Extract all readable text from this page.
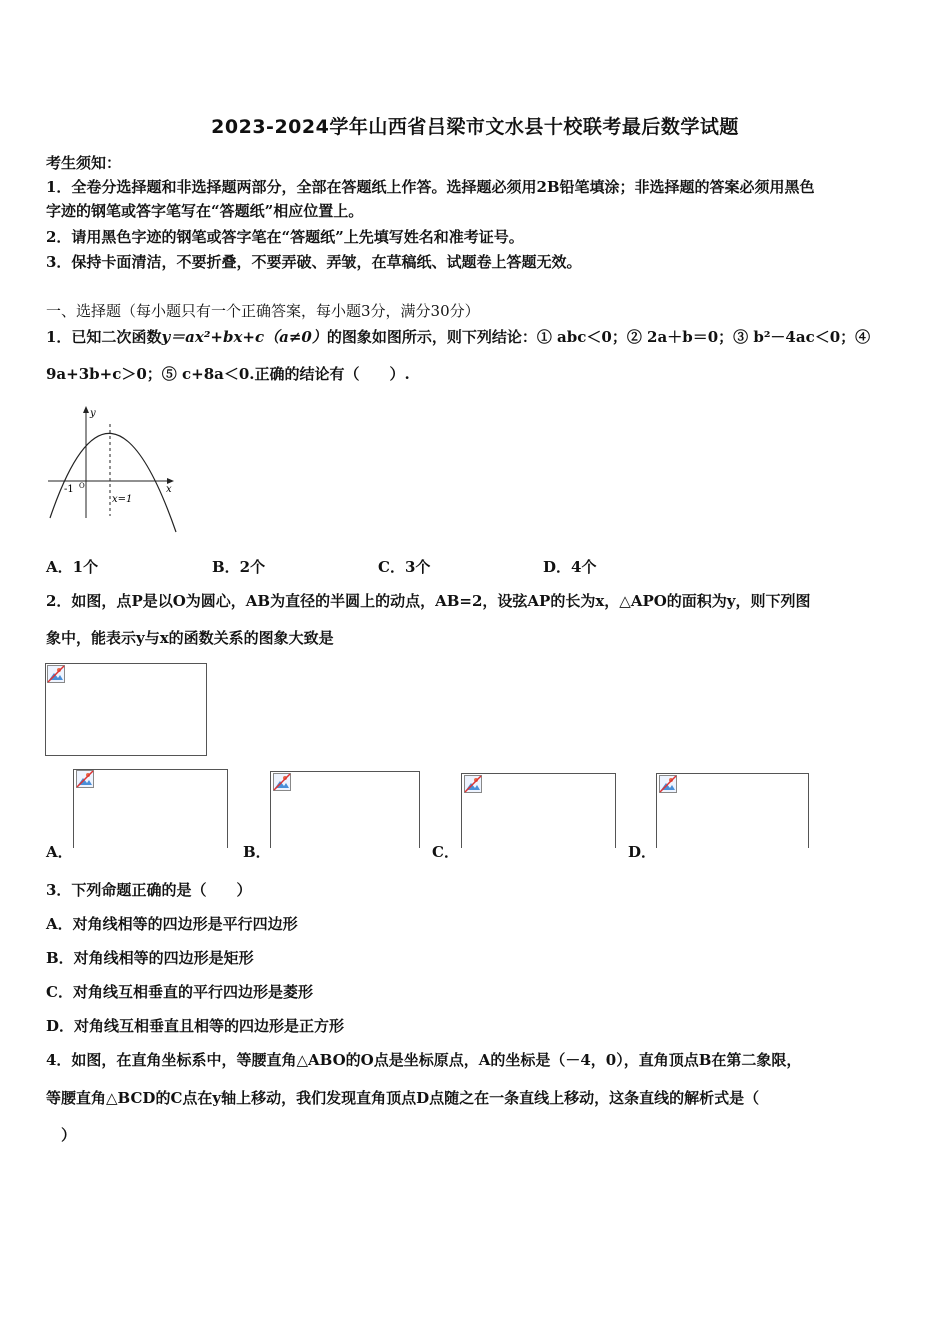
2023-2024学年山西省吕梁市文水县十校联考最后数学试题
考生须知：
1．全卷分选择题和非选择题两部分，全部在答题纸上作答。选择题必须用2B铅笔填涂；非选择题的答案必须用黑色
字迹的钢笔或答字笔写在“答题纸”相应位置上。
2．请用黑色字迹的钢笔或答字笔在“答题纸”上先填写姓名和准考证号。
3．保持卡面清洁，不要折叠，不要弄破、弄皱，在草稿纸、试题卷上答题无效。
一、选择题（每小题只有一个正确答案，每小题3分，满分30分）
1．已知二次函数y＝ax²+bx+c（a≠0）的图象如图所示，则下列结论：① abc＜0；② 2a＋b＝0；③ b²－4ac＜0；④
9a+3b+c＞0；⑤ c+8a＜0.正确的结论有（　　）.
y
x
-1 O
x=1
A．1个	B．2个	C．3个	D．4个
2．如图，点P是以O为圆心，AB为直径的半圆上的动点，AB=2，设弦AP的长为x，△APO的面积为y，则下列图
象中，能表示y与x的函数关系的图象大致是
A．	B．	C．	D．
3．下列命题正确的是（　　）
A．对角线相等的四边形是平行四边形
B．对角线相等的四边形是矩形
C．对角线互相垂直的平行四边形是菱形
D．对角线互相垂直且相等的四边形是正方形
4．如图，在直角坐标系中，等腰直角△ABO的O点是坐标原点，A的坐标是（－4，0），直角顶点B在第二象限，
等腰直角△BCD的C点在y轴上移动，我们发现直角顶点D点随之在一条直线上移动，这条直线的解析式是（
　）
